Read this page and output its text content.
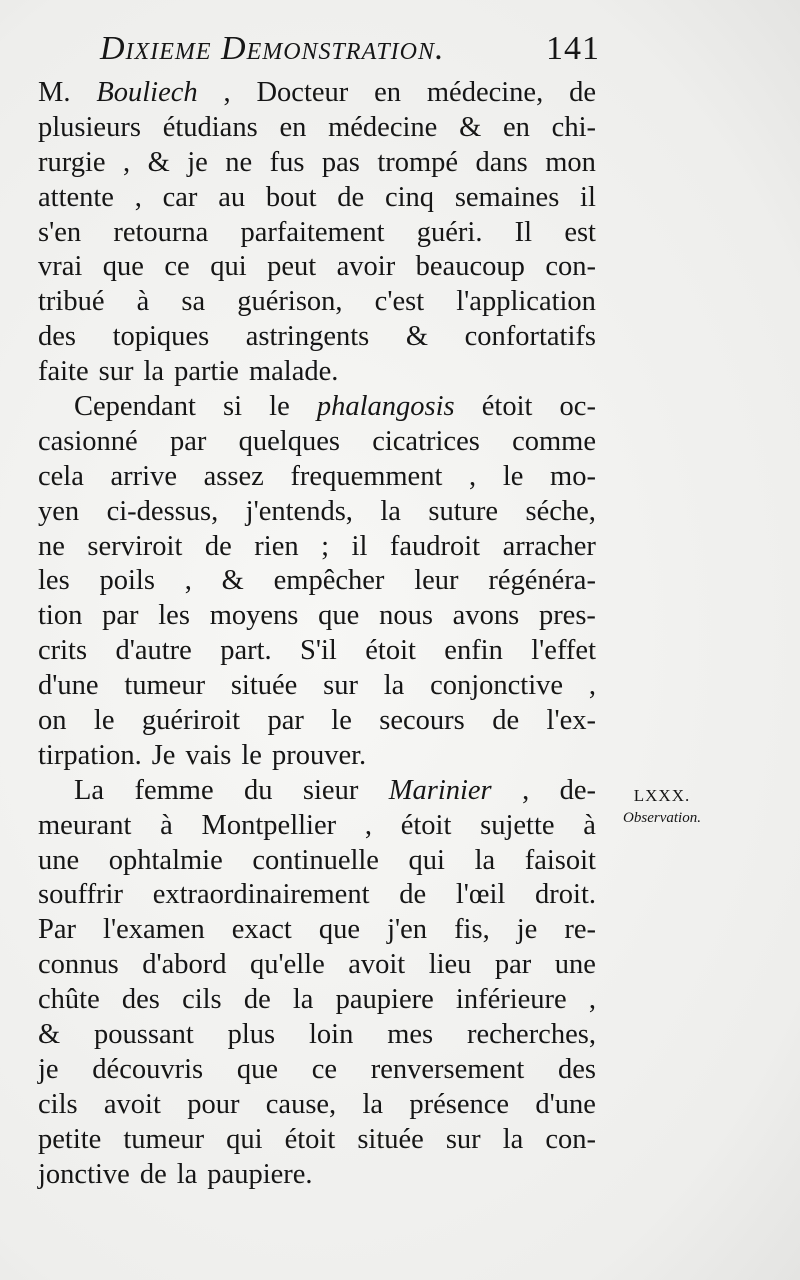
Dixieme Demonstration.	141
M. Bouliech , Docteur en médecine, de
plusieurs étudians en médecine & en chi-
rurgie , & je ne fus pas trompé dans mon
attente , car au bout de cinq semaines il
s'en retourna parfaitement guéri. Il est
vrai que ce qui peut avoir beaucoup con-
tribué à sa guérison, c'est l'application
des topiques astringents & confortatifs
faite sur la partie malade.
Cependant si le phalangosis étoit oc-
casionné par quelques cicatrices comme
cela arrive assez frequemment , le mo-
yen ci-dessus, j'entends, la suture séche,
ne serviroit de rien ; il faudroit arracher
les poils , & empêcher leur régénéra-
tion par les moyens que nous avons pres-
crits d'autre part. S'il étoit enfin l'effet
d'une tumeur située sur la conjonctive ,
on le guériroit par le secours de l'ex-
tirpation. Je vais le prouver.
La femme du sieur Marinier , de-
meurant à Montpellier , étoit sujette à
une ophtalmie continuelle qui la faisoit
souffrir extraordinairement de l'œil droit.
Par l'examen exact que j'en fis, je re-
connus d'abord qu'elle avoit lieu par une
chûte des cils de la paupiere inférieure ,
& poussant plus loin mes recherches,
je découvris que ce renversement des
cils avoit pour cause, la présence d'une
petite tumeur qui étoit située sur la con-
jonctive de la paupiere.
LXXX.
Observation.
